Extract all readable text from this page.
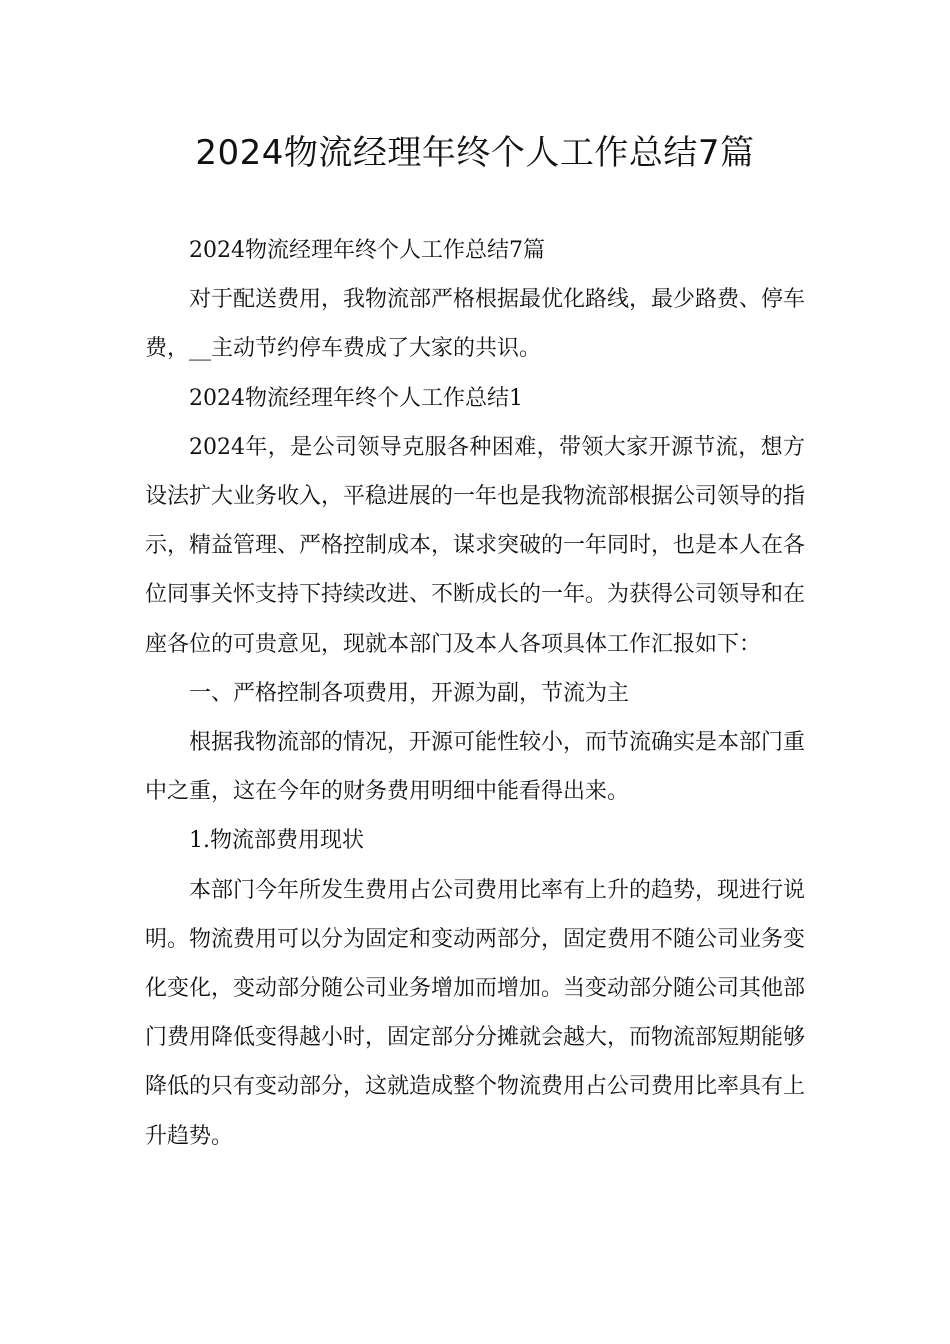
2024物流经理年终个人工作总结7篇

2024物流经理年终个人工作总结7篇

对于配送费用，我物流部严格根据最优化路线，最少路费、停车费，__主动节约停车费成了大家的共识。

2024物流经理年终个人工作总结1

2024年，是公司领导克服各种困难，带领大家开源节流，想方设法扩大业务收入，平稳进展的一年也是我物流部根据公司领导的指示，精益管理、严格控制成本，谋求突破的一年同时，也是本人在各位同事关怀支持下持续改进、不断成长的一年。为获得公司领导和在座各位的可贵意见，现就本部门及本人各项具体工作汇报如下：

一、严格控制各项费用，开源为副，节流为主

根据我物流部的情况，开源可能性较小，而节流确实是本部门重中之重，这在今年的财务费用明细中能看得出来。

1.物流部费用现状

本部门今年所发生费用占公司费用比率有上升的趋势，现进行说明。物流费用可以分为固定和变动两部分，固定费用不随公司业务变化变化，变动部分随公司业务增加而增加。当变动部分随公司其他部门费用降低变得越小时，固定部分分摊就会越大，而物流部短期能够降低的只有变动部分，这就造成整个物流费用占公司费用比率具有上升趋势。
